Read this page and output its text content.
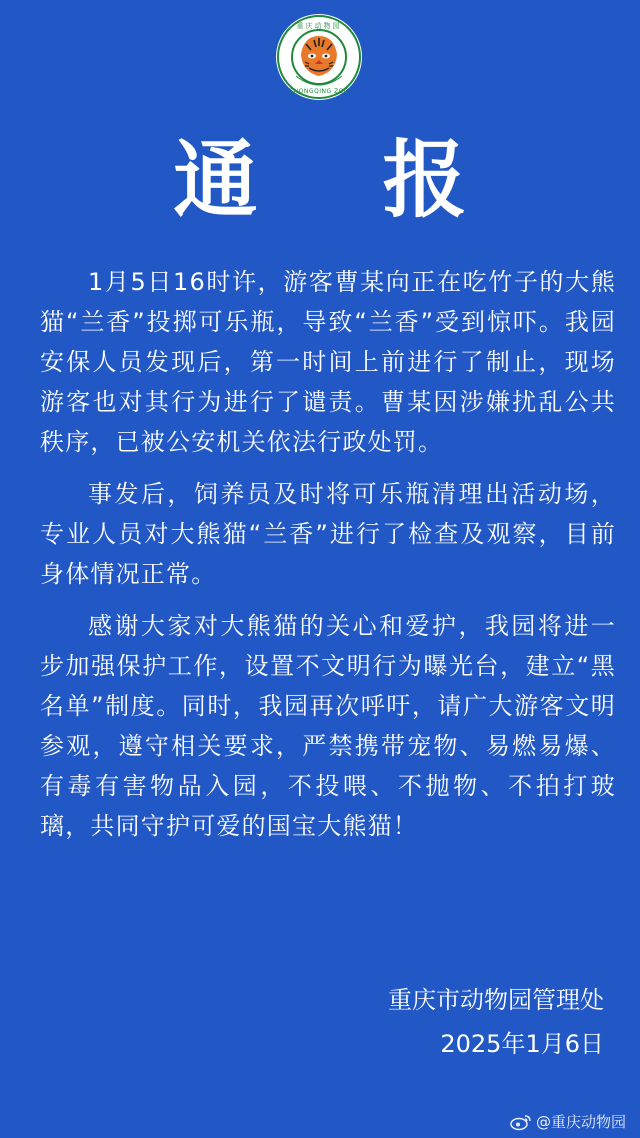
重庆动物园
CHONGQING ZOO
通 报

1月5日16时许，游客曹某向正在吃竹子的大熊猫“兰香”投掷可乐瓶，导致“兰香”受到惊吓。我园安保人员发现后，第一时间上前进行了制止，现场游客也对其行为进行了谴责。曹某因涉嫌扰乱公共秩序，已被公安机关依法行政处罚。

事发后，饲养员及时将可乐瓶清理出活动场，专业人员对大熊猫“兰香”进行了检查及观察，目前身体情况正常。

感谢大家对大熊猫的关心和爱护，我园将进一步加强保护工作，设置不文明行为曝光台，建立“黑名单”制度。同时，我园再次呼吁，请广大游客文明参观，遵守相关要求，严禁携带宠物、易燃易爆、有毒有害物品入园，不投喂、不抛物、不拍打玻璃，共同守护可爱的国宝大熊猫！

重庆市动物园管理处
2025年1月6日
@重庆动物园
